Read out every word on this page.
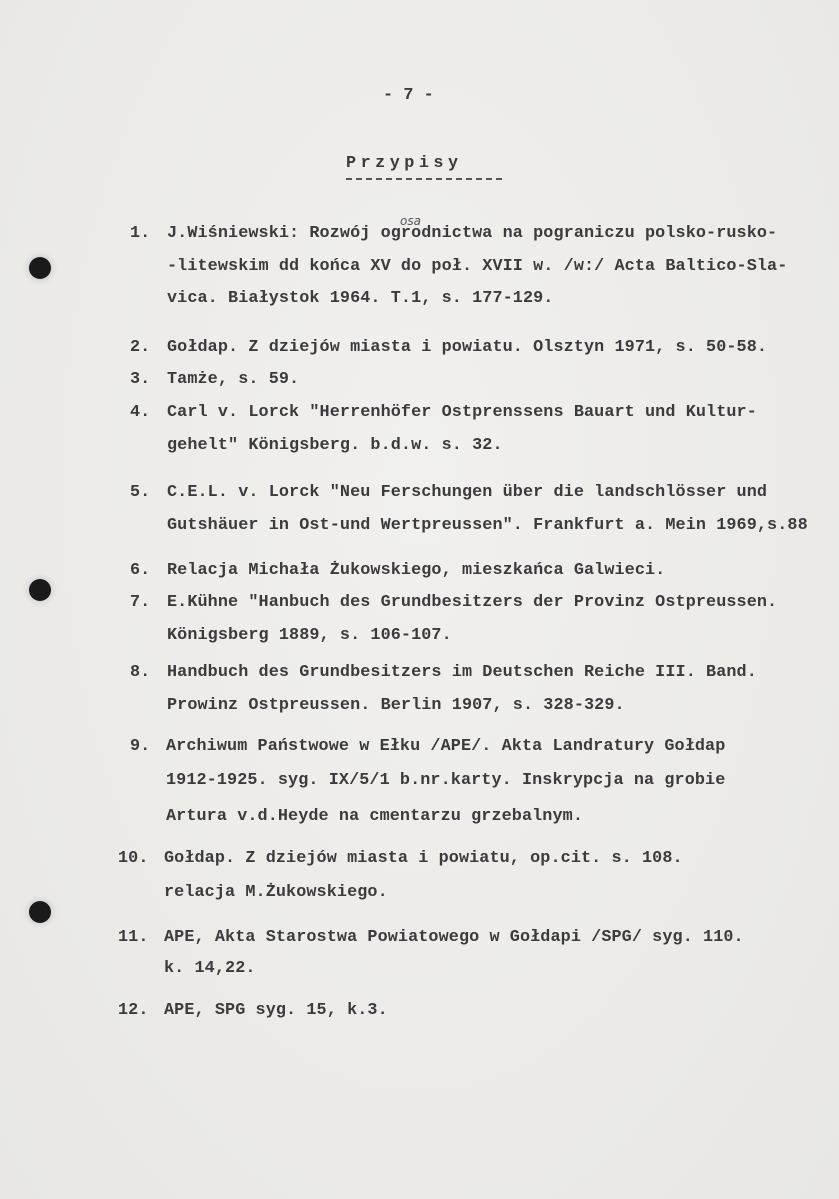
- 7 -
Przypisy
osa
1. J.Wiśniewski: Rozwój ogrodnictwa na pograniczu polsko-rusko-
-litewskim dd końca XV do poł. XVII w. /w:/ Acta Baltico-Sla-
vica. Białystok 1964. T.1, s. 177-129.
2. Gołdap. Z dziejów miasta i powiatu. Olsztyn 1971, s. 50-58.
3. Tamże, s. 59.
4. Carl v. Lorck "Herrenhöfer Ostprenssens Bauart und Kultur-
gehelt" Königsberg. b.d.w. s. 32.
5. C.E.L. v. Lorck "Neu Ferschungen über die landschlösser und
Gutshäuer in Ost-und Wertpreussen". Frankfurt a. Mein 1969,s.88
6. Relacja Michała Żukowskiego, mieszkańca Galwieci.
7. E.Kühne "Hanbuch des Grundbesitzers der Provinz Ostpreussen.
Königsberg 1889, s. 106-107.
8. Handbuch des Grundbesitzers im Deutschen Reiche III. Band.
Prowinz Ostpreussen. Berlin 1907, s. 328-329.
9. Archiwum Państwowe w Ełku /APE/. Akta Landratury Gołdap
1912-1925. syg. IX/5/1 b.nr.karty. Inskrypcja na grobie
Artura v.d.Heyde na cmentarzu grzebalnym.
10. Gołdap. Z dziejów miasta i powiatu, op.cit. s. 108.
relacja M.Żukowskiego.
11. APE, Akta Starostwa Powiatowego w Gołdapi /SPG/ syg. 110.
k. 14,22.
12. APE, SPG syg. 15, k.3.
